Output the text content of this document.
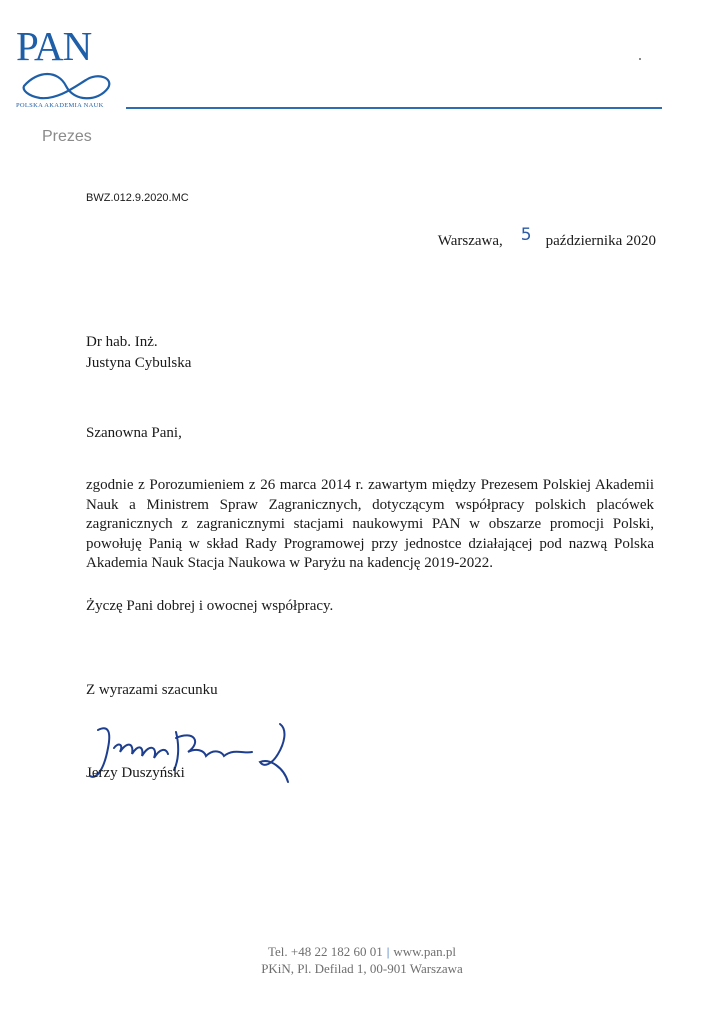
PAN
POLSKA AKADEMIA NAUK
Prezes
BWZ.012.9.2020.MC
Warszawa, 5 października 2020
Dr hab. Inż.
Justyna Cybulska
Szanowna Pani,
zgodnie z Porozumieniem z 26 marca 2014 r. zawartym między Prezesem Polskiej Akademii Nauk a Ministrem Spraw Zagranicznych, dotyczącym współpracy polskich placówek zagranicznych z zagranicznymi stacjami naukowymi PAN w obszarze promocji Polski, powołuję Panią w skład Rady Programowej przy jednostce działającej pod nazwą Polska Akademia Nauk Stacja Naukowa w Paryżu na kadencję 2019-2022.
Życzę Pani dobrej i owocnej współpracy.
Z wyrazami szacunku
Jerzy Duszyński
Tel. +48 22 182 60 01 | www.pan.pl
PKiN, Pl. Defilad 1, 00-901 Warszawa
